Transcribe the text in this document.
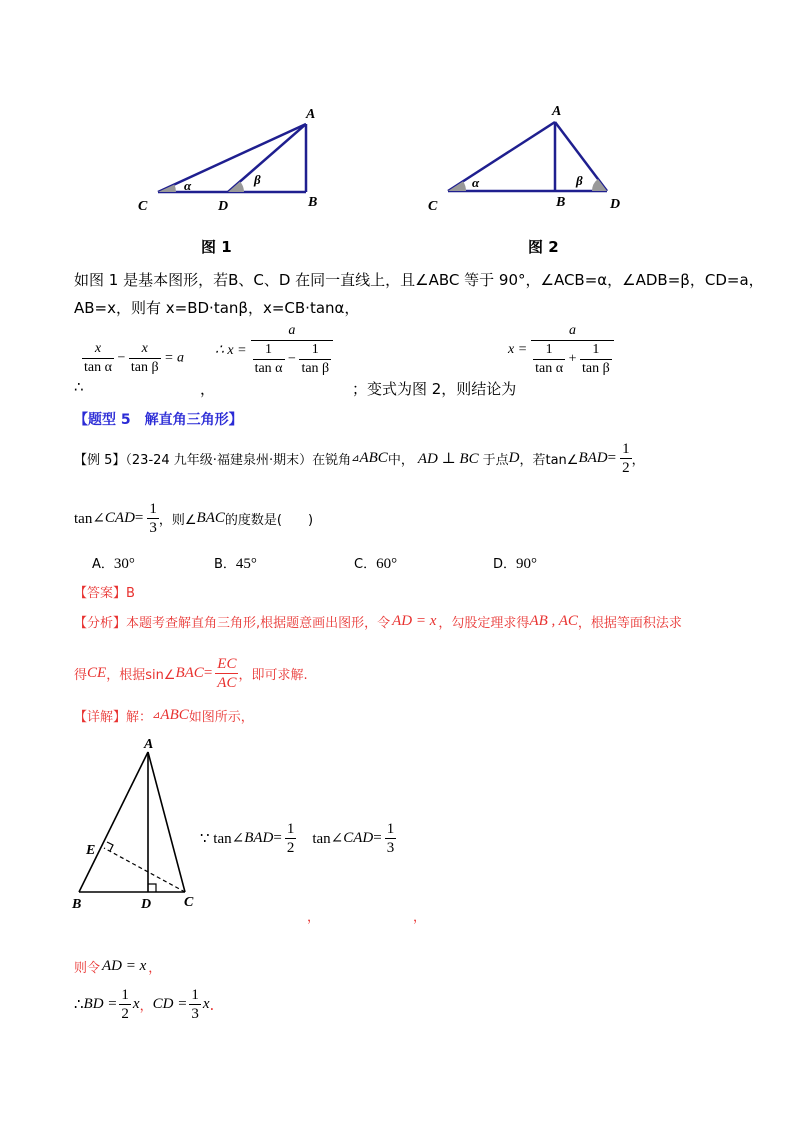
A
B
C	D
α	β
图 1
A
B
C	D
α	β
图 2
如图 1 是基本图形，若B、C、D 在同一直线上，且∠ABC 等于 90°，∠ACB=α，∠ADB=β，CD=a，
AB=x，则有 x=BD·tanβ，x=CB·tanα，
$\frac{x}{\text{tan α}} - \frac{x}{\text{tan β}} = a$
∴	，
∴ $x = \frac{a}{\frac{1}{\text{tan α}} - \frac{1}{\text{tan β}}}$
；变式为图 2，则结论为
$x = \frac{a}{\frac{1}{\text{tan α}} + \frac{1}{\text{tan β}}}$
【题型 5　解直角三角形】
【例 5】（23-24 九年级·福建泉州·期末）在锐角 ⊿ ABC 中， AD ⊥ BC 于点 D ，若tan∠ BAD = $\frac{1}{2}$ ，
tan∠ CAD = $\frac{1}{3}$ ，则∠ BAC 的度数是(　　)
A．30°	B．45°	C．60°	D．90°
【答案】B
【分析】本题考查解直角三角形,根据题意画出图形，令 AD = x ，勾股定理求得 AB , AC ，根据等面积法求
得 CE ，根据sin∠ BAC = $\frac{EC}{AC}$ ，即可求解.
【详解】解： ⊿ ABC 如图所示，
A
B	C
D
E
∵ tan∠ BAD = $\frac{1}{2}$ tan∠ CAD = $\frac{1}{3}$
，	，
则令 AD = x ，
∴ BD = $\frac{1}{2}$ x ， CD = $\frac{1}{3}$ x .
